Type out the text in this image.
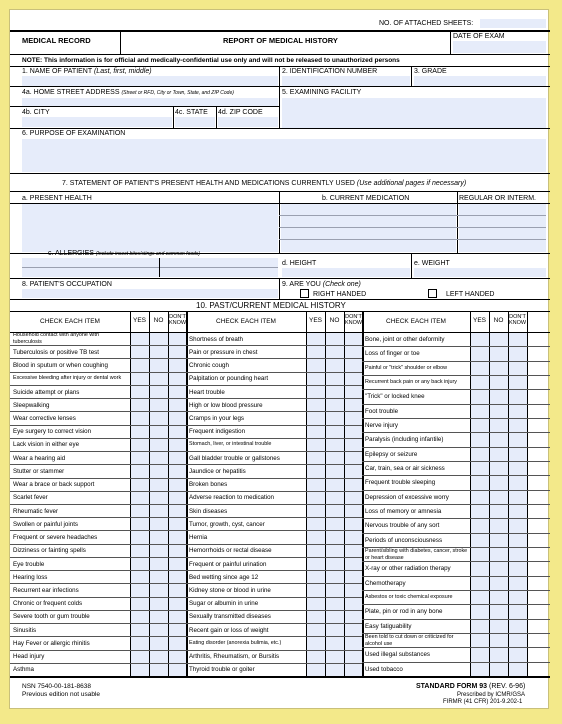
NO. OF ATTACHED SHEETS:
MEDICAL RECORD	REPORT OF MEDICAL HISTORY	DATE OF EXAM
NOTE: This information is for official and medically-confidential use only and will not be released to unauthorized persons
1. NAME OF PATIENT (Last, first, middle)	2. IDENTIFICATION NUMBER	3. GRADE
4a. HOME STREET ADDRESS (Street or RFD, City or Town, State, and ZIP Code)	5. EXAMINING FACILITY
4b. CITY	4c. STATE 4d. ZIP CODE
6. PURPOSE OF EXAMINATION
7. STATEMENT OF PATIENT'S PRESENT HEALTH AND MEDICATIONS CURRENTLY USED (Use additional pages if necessary)
a. PRESENT HEALTH	b. CURRENT MEDICATION	REGULAR OR INTERM.
c. ALLERGIES (Include insect bites/stings and common foods)
d. HEIGHT	e. WEIGHT
8. PATIENT'S OCCUPATION	9. ARE YOU (Check one)
RIGHT HANDED	LEFT HANDED
10. PAST/CURRENT MEDICAL HISTORY
CHECK EACH ITEM	YES	NO	DON'T KNOW
Household contact with anyone with tuberculosis
Tuberculosis or positive TB test
Blood in sputum or when coughing
Excessive bleeding after injury or dental work
Suicide attempt or plans
Sleepwalking
Wear corrective lenses
Eye surgery to correct vision
Lack vision in either eye
Wear a hearing aid
Stutter or stammer
Wear a brace or back support
Scarlet fever
Rheumatic fever
Swollen or painful joints
Frequent or severe headaches
Dizziness or fainting spells
Eye trouble
Hearing loss
Recurrent ear infections
Chronic or frequent colds
Severe tooth or gum trouble
Sinusitis
Hay Fever or allergic rhinitis
Head injury
Asthma
CHECK EACH ITEM	YES	NO	DON'T KNOW
Shortness of breath
Pain or pressure in chest
Chronic cough
Palpitation or pounding heart
Heart trouble
High or low blood pressure
Cramps in your legs
Frequent indigestion
Stomach, liver, or intestinal trouble
Gall bladder trouble or gallstones
Jaundice or hepatitis
Broken bones
Adverse reaction to medication
Skin diseases
Tumor, growth, cyst, cancer
Hernia
Hemorrhoids or rectal disease
Frequent or painful urination
Bed wetting since age 12
Kidney stone or blood in urine
Sugar or albumin in urine
Sexually transmitted diseases
Recent gain or loss of weight
Eating disorder (anorexia bulimia, etc.)
Arthritis, Rheumatism, or Bursitis
Thyroid trouble or goiter
CHECK EACH ITEM	YES	NO	DON'T KNOW
Bone, joint or other deformity
Loss of finger or toe
Painful or "trick" shoulder or elbow
Recurrent back pain or any back injury
"Trick" or locked knee
Foot trouble
Nerve injury
Paralysis (including infantile)
Epilepsy or seizure
Car, train, sea or air sickness
Frequent trouble sleeping
Depression of excessive worry
Loss of memory or amnesia
Nervous trouble of any sort
Periods of unconsciousness
Parent/sibling with diabetes, cancer, stroke or heart disease
X-ray or other radiation therapy
Chemotherapy
Asbestos or toxic chemical exposure
Plate, pin or rod in any bone
Easy fatiguability
Been told to cut down or criticized for alcohol use
Used illegal substances
Used tobacco
NSN 7540-00-181-8638
Previous edition not usable
STANDARD FORM 93 (REV. 6-96)
Prescribed by ICMR/GSA
FIRMR (41 CFR) 201-9.202-1
